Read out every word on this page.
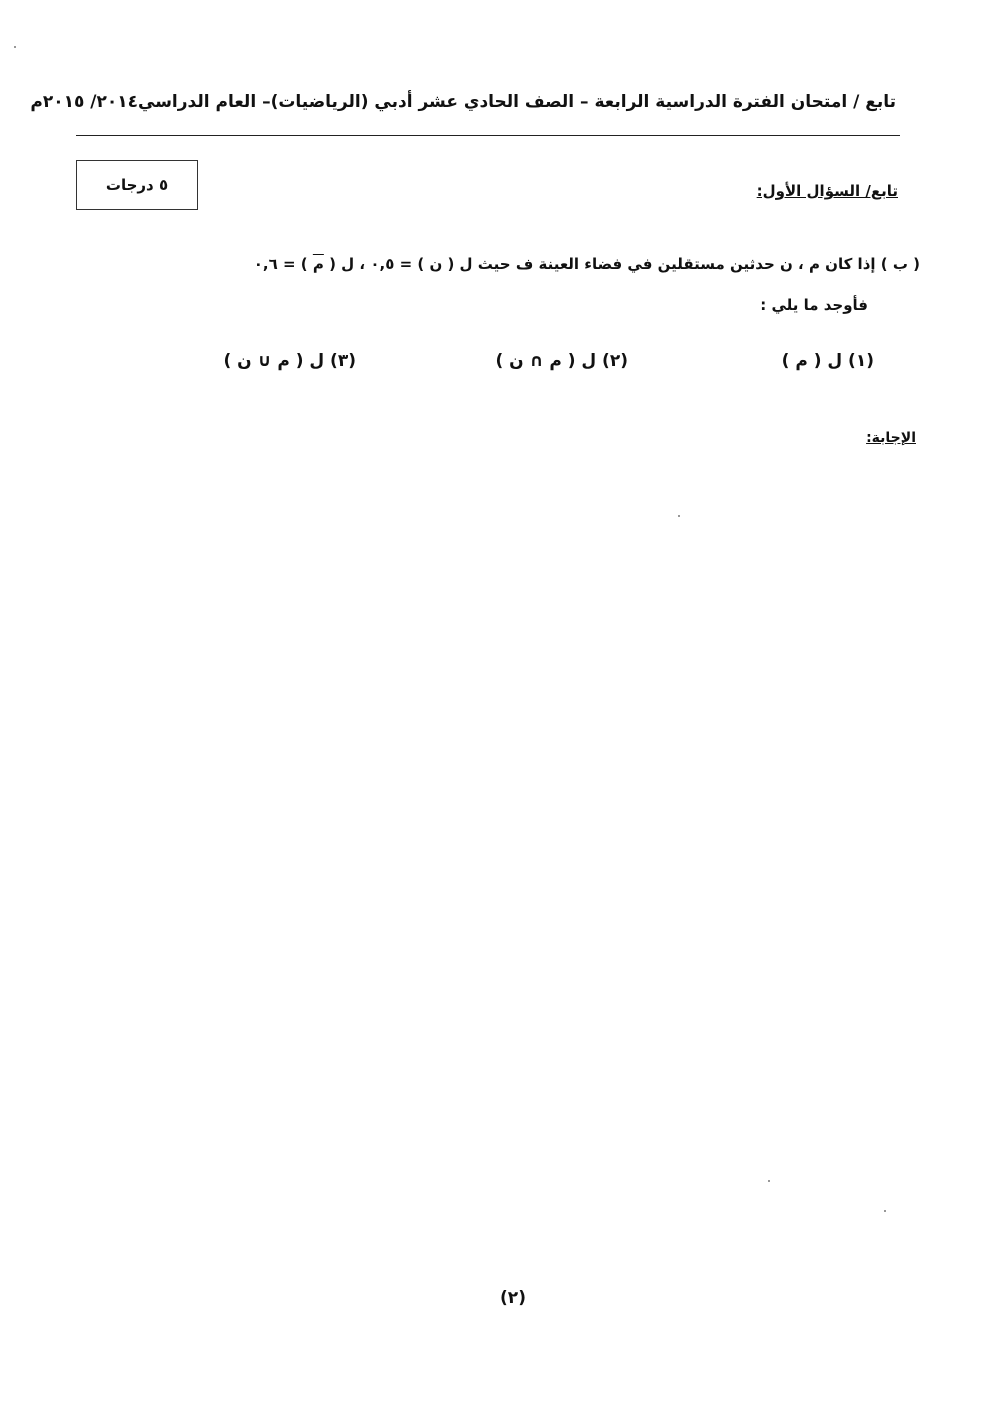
تابع / امتحان الفترة الدراسية الرابعة – الصف الحادي عشر أدبي (الرياضيات)– العام الدراسي٢٠١٤/ ٢٠١٥م
٥ درجات	تابع/ السؤال الأول:
( ب ) إذا كان م ، ن حدثين مستقلين في فضاء العينة ف حيث ل ( ن ) = ٠,٥ ، ل ( م ) = ٠,٦
فأوجد ما يلي :
(١) ل ( م )
(٢) ل ( م ∩ ن )
(٣) ل ( م ∪ ن )
الإجابة:
(٢)
